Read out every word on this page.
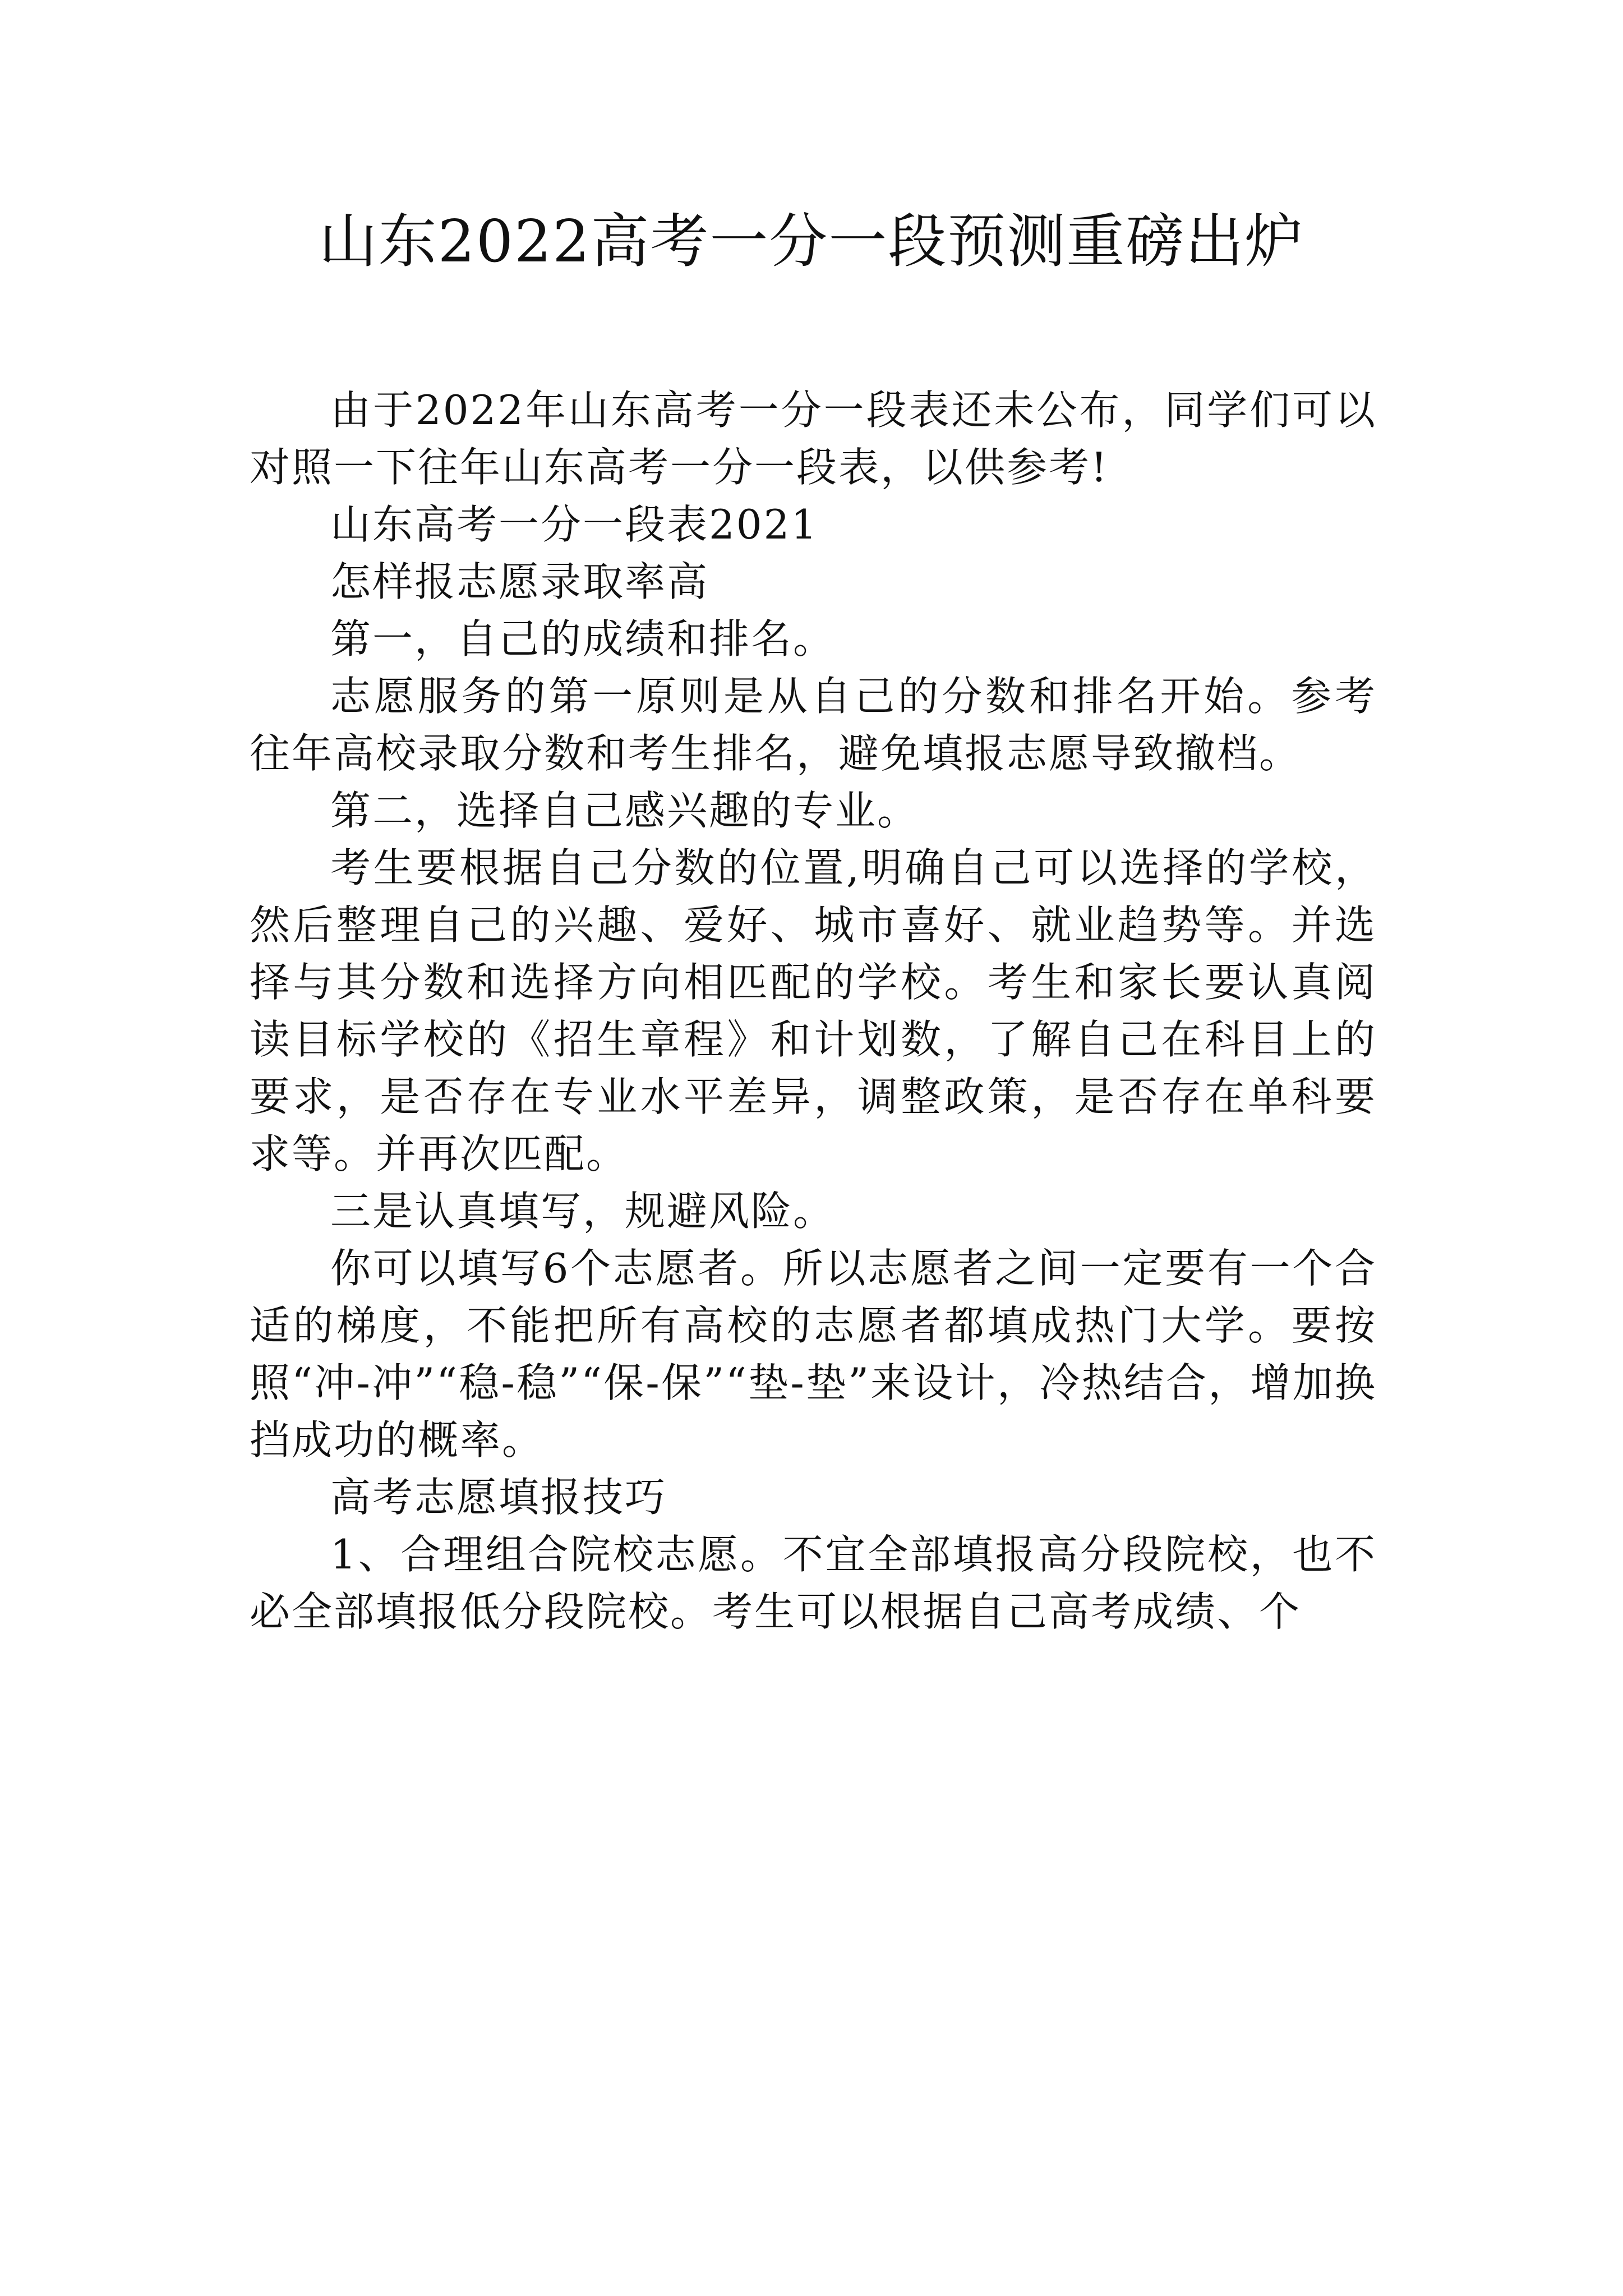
山东2022高考一分一段预测重磅出炉

由于2022年山东高考一分一段表还未公布，同学们可以对照一下往年山东高考一分一段表，以供参考!

山东高考一分一段表2021

怎样报志愿录取率高

第一，自己的成绩和排名。

志愿服务的第一原则是从自己的分数和排名开始。参考往年高校录取分数和考生排名，避免填报志愿导致撤档。

第二，选择自己感兴趣的专业。

考生要根据自己分数的位置,明确自己可以选择的学校，然后整理自己的兴趣、爱好、城市喜好、就业趋势等。并选择与其分数和选择方向相匹配的学校。考生和家长要认真阅读目标学校的《招生章程》和计划数，了解自己在科目上的要求，是否存在专业水平差异，调整政策，是否存在单科要求等。并再次匹配。

三是认真填写，规避风险。

你可以填写6个志愿者。所以志愿者之间一定要有一个合适的梯度，不能把所有高校的志愿者都填成热门大学。要按照“冲-冲”“稳-稳”“保-保”“垫-垫”来设计，冷热结合，增加换挡成功的概率。

高考志愿填报技巧

1、合理组合院校志愿。不宜全部填报高分段院校，也不必全部填报低分段院校。考生可以根据自己高考成绩、个
